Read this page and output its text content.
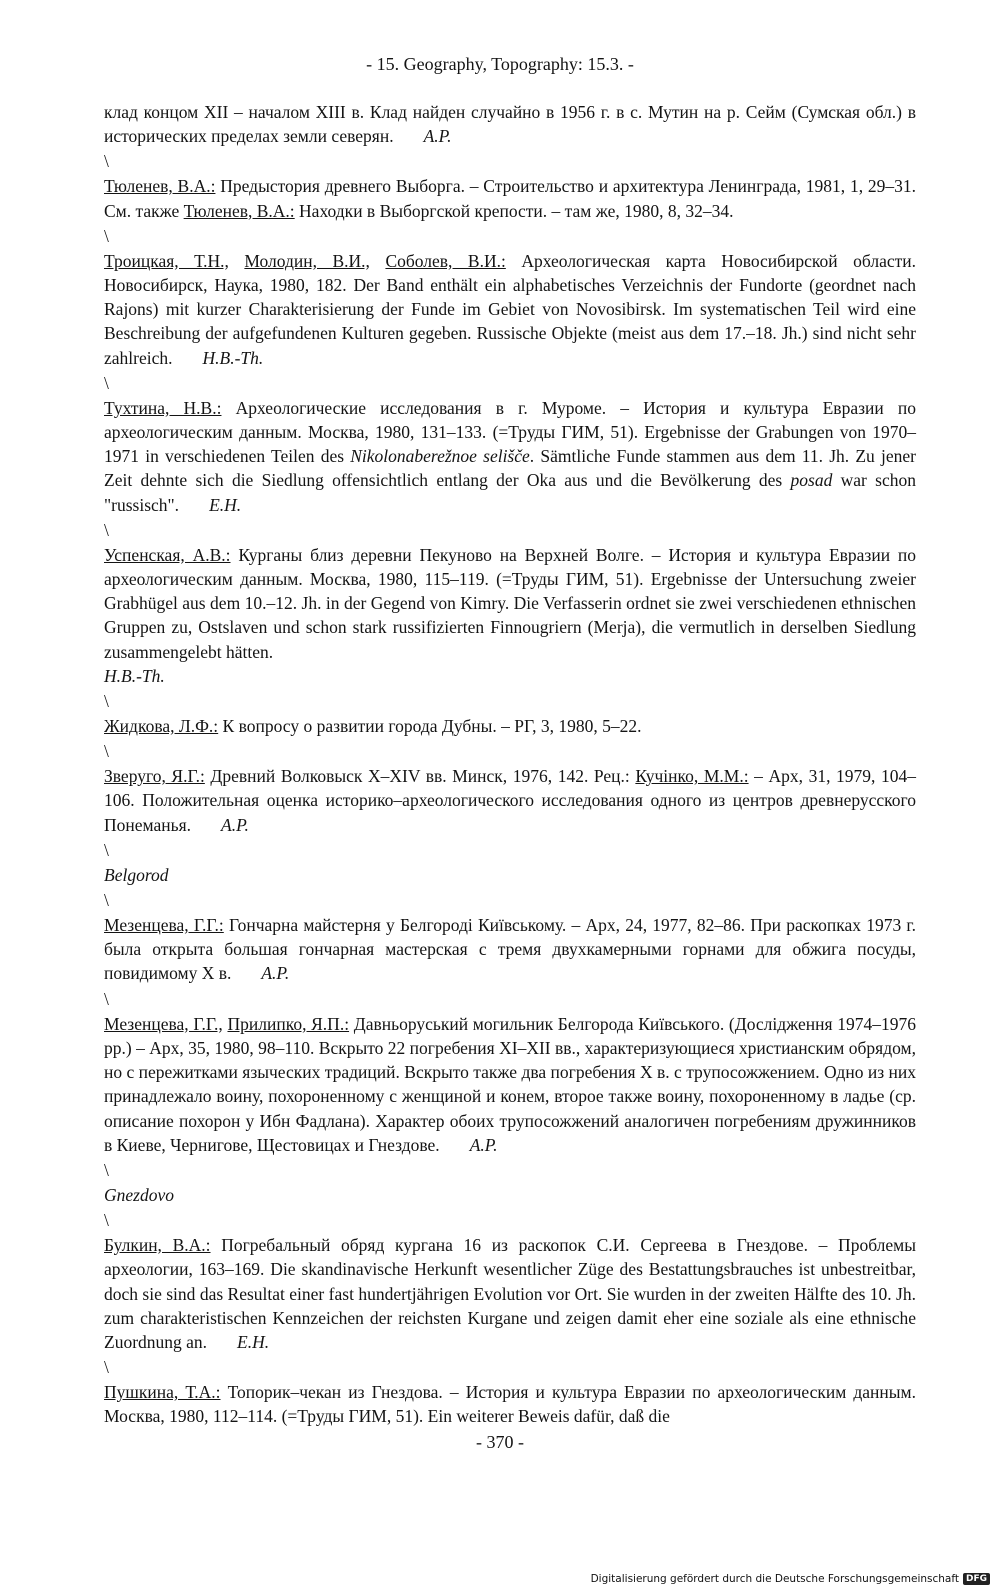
- 15. Geography, Topography: 15.3. -

клад концом XII – началом XIII в. Клад найден случайно в 1956 г. в с. Мутин на р. Сейм (Сумская обл.) в исторических пределах земли северян. A.P.

\

Тюленев, В.А.: Предыстория древнего Выборга. – Строительство и архитектура Ленинграда, 1981, 1, 29–31. См. также Тюленев, В.А.: Находки в Выборгской крепости. – там же, 1980, 8, 32–34.

\

Троицкая, Т.Н., Молодин, В.И., Соболев, В.И.: Археологическая карта Новосибирской области. Новосибирск, Наука, 1980, 182. Der Band enthält ein alphabetisches Verzeichnis der Fundorte (geordnet nach Rajons) mit kurzer Charakterisierung der Funde im Gebiet von Novosibirsk. Im systematischen Teil wird eine Beschreibung der aufgefundenen Kulturen gegeben. Russische Objekte (meist aus dem 17.–18. Jh.) sind nicht sehr zahlreich. H.B.-Th.

\

Тухтина, Н.В.: Археологические исследования в г. Муроме. – История и культура Евразии по археологическим данным. Москва, 1980, 131–133. (=Труды ГИМ, 51). Ergebnisse der Grabungen von 1970–1971 in verschiedenen Teilen des Nikolonaberežnoe selišče. Sämtliche Funde stammen aus dem 11. Jh. Zu jener Zeit dehnte sich die Siedlung offensichtlich entlang der Oka aus und die Bevölkerung des posad war schon "russisch". E.H.

\

Успенская, А.В.: Курганы близ деревни Пекуново на Верхней Волге. – История и культура Евразии по археологическим данным. Москва, 1980, 115–119. (=Труды ГИМ, 51). Ergebnisse der Untersuchung zweier Grabhügel aus dem 10.–12. Jh. in der Gegend von Kimry. Die Verfasserin ordnet sie zwei verschiedenen ethnischen Gruppen zu, Ostslaven und schon stark russifizierten Finnougriern (Merja), die vermutlich in derselben Siedlung zusammengelebt hätten.

H.B.-Th.

\

Жидкова, Л.Ф.: К вопросу о развитии города Дубны. – РГ, 3, 1980, 5–22.

\

Зверуго, Я.Г.: Древний Волковыск X–XIV вв. Минск, 1976, 142. Рец.: Кучінко, М.М.: – Арх, 31, 1979, 104–106. Положительная оценка историко–археологического исследования одного из центров древнерусского Понеманья. A.P.

\

Belgorod

\

Мезенцева, Г.Г.: Гончарна майстерня у Белгороді Київському. – Арх, 24, 1977, 82–86. При раскопках 1973 г. была открыта большая гончарная мастерская с тремя двухкамерными горнами для обжига посуды, повидимому X в. A.P.

\

Мезенцева, Г.Г., Прилипко, Я.П.: Давньоруський могильник Белгорода Київського. (Дослідження 1974–1976 рр.) – Арх, 35, 1980, 98–110. Вскрыто 22 погребения XI–XII вв., характеризующиеся христианским обрядом, но с пережитками языческих традиций. Вскрыто также два погребения X в. с трупосожжением. Одно из них принадлежало воину, похороненному с женщиной и конем, второе также воину, похороненному в ладье (ср. описание похорон у Ибн Фадлана). Характер обоих трупосожжений аналогичен погребениям дружинников в Киеве, Чернигове, Щестовицах и Гнездове. A.P.

\

Gnezdovo

\

Булкин, В.А.: Погребальный обряд кургана 16 из раскопок С.И. Сергеева в Гнездове. – Проблемы археологии, 163–169. Die skandinavische Herkunft wesentlicher Züge des Bestattungsbrauches ist unbestreitbar, doch sie sind das Resultat einer fast hundertjährigen Evolution vor Ort. Sie wurden in der zweiten Hälfte des 10. Jh. zum charakteristischen Kennzeichen der reichsten Kurgane und zeigen damit eher eine soziale als eine ethnische Zuordnung an. E.H.

\

Пушкина, Т.А.: Топорик–чекан из Гнездова. – История и культура Евразии по археологическим данным. Москва, 1980, 112–114. (=Труды ГИМ, 51). Ein weiterer Beweis dafür, daß die

- 370 -
Digitalisierung gefördert durch die Deutsche Forschungsgemeinschaft DFG
